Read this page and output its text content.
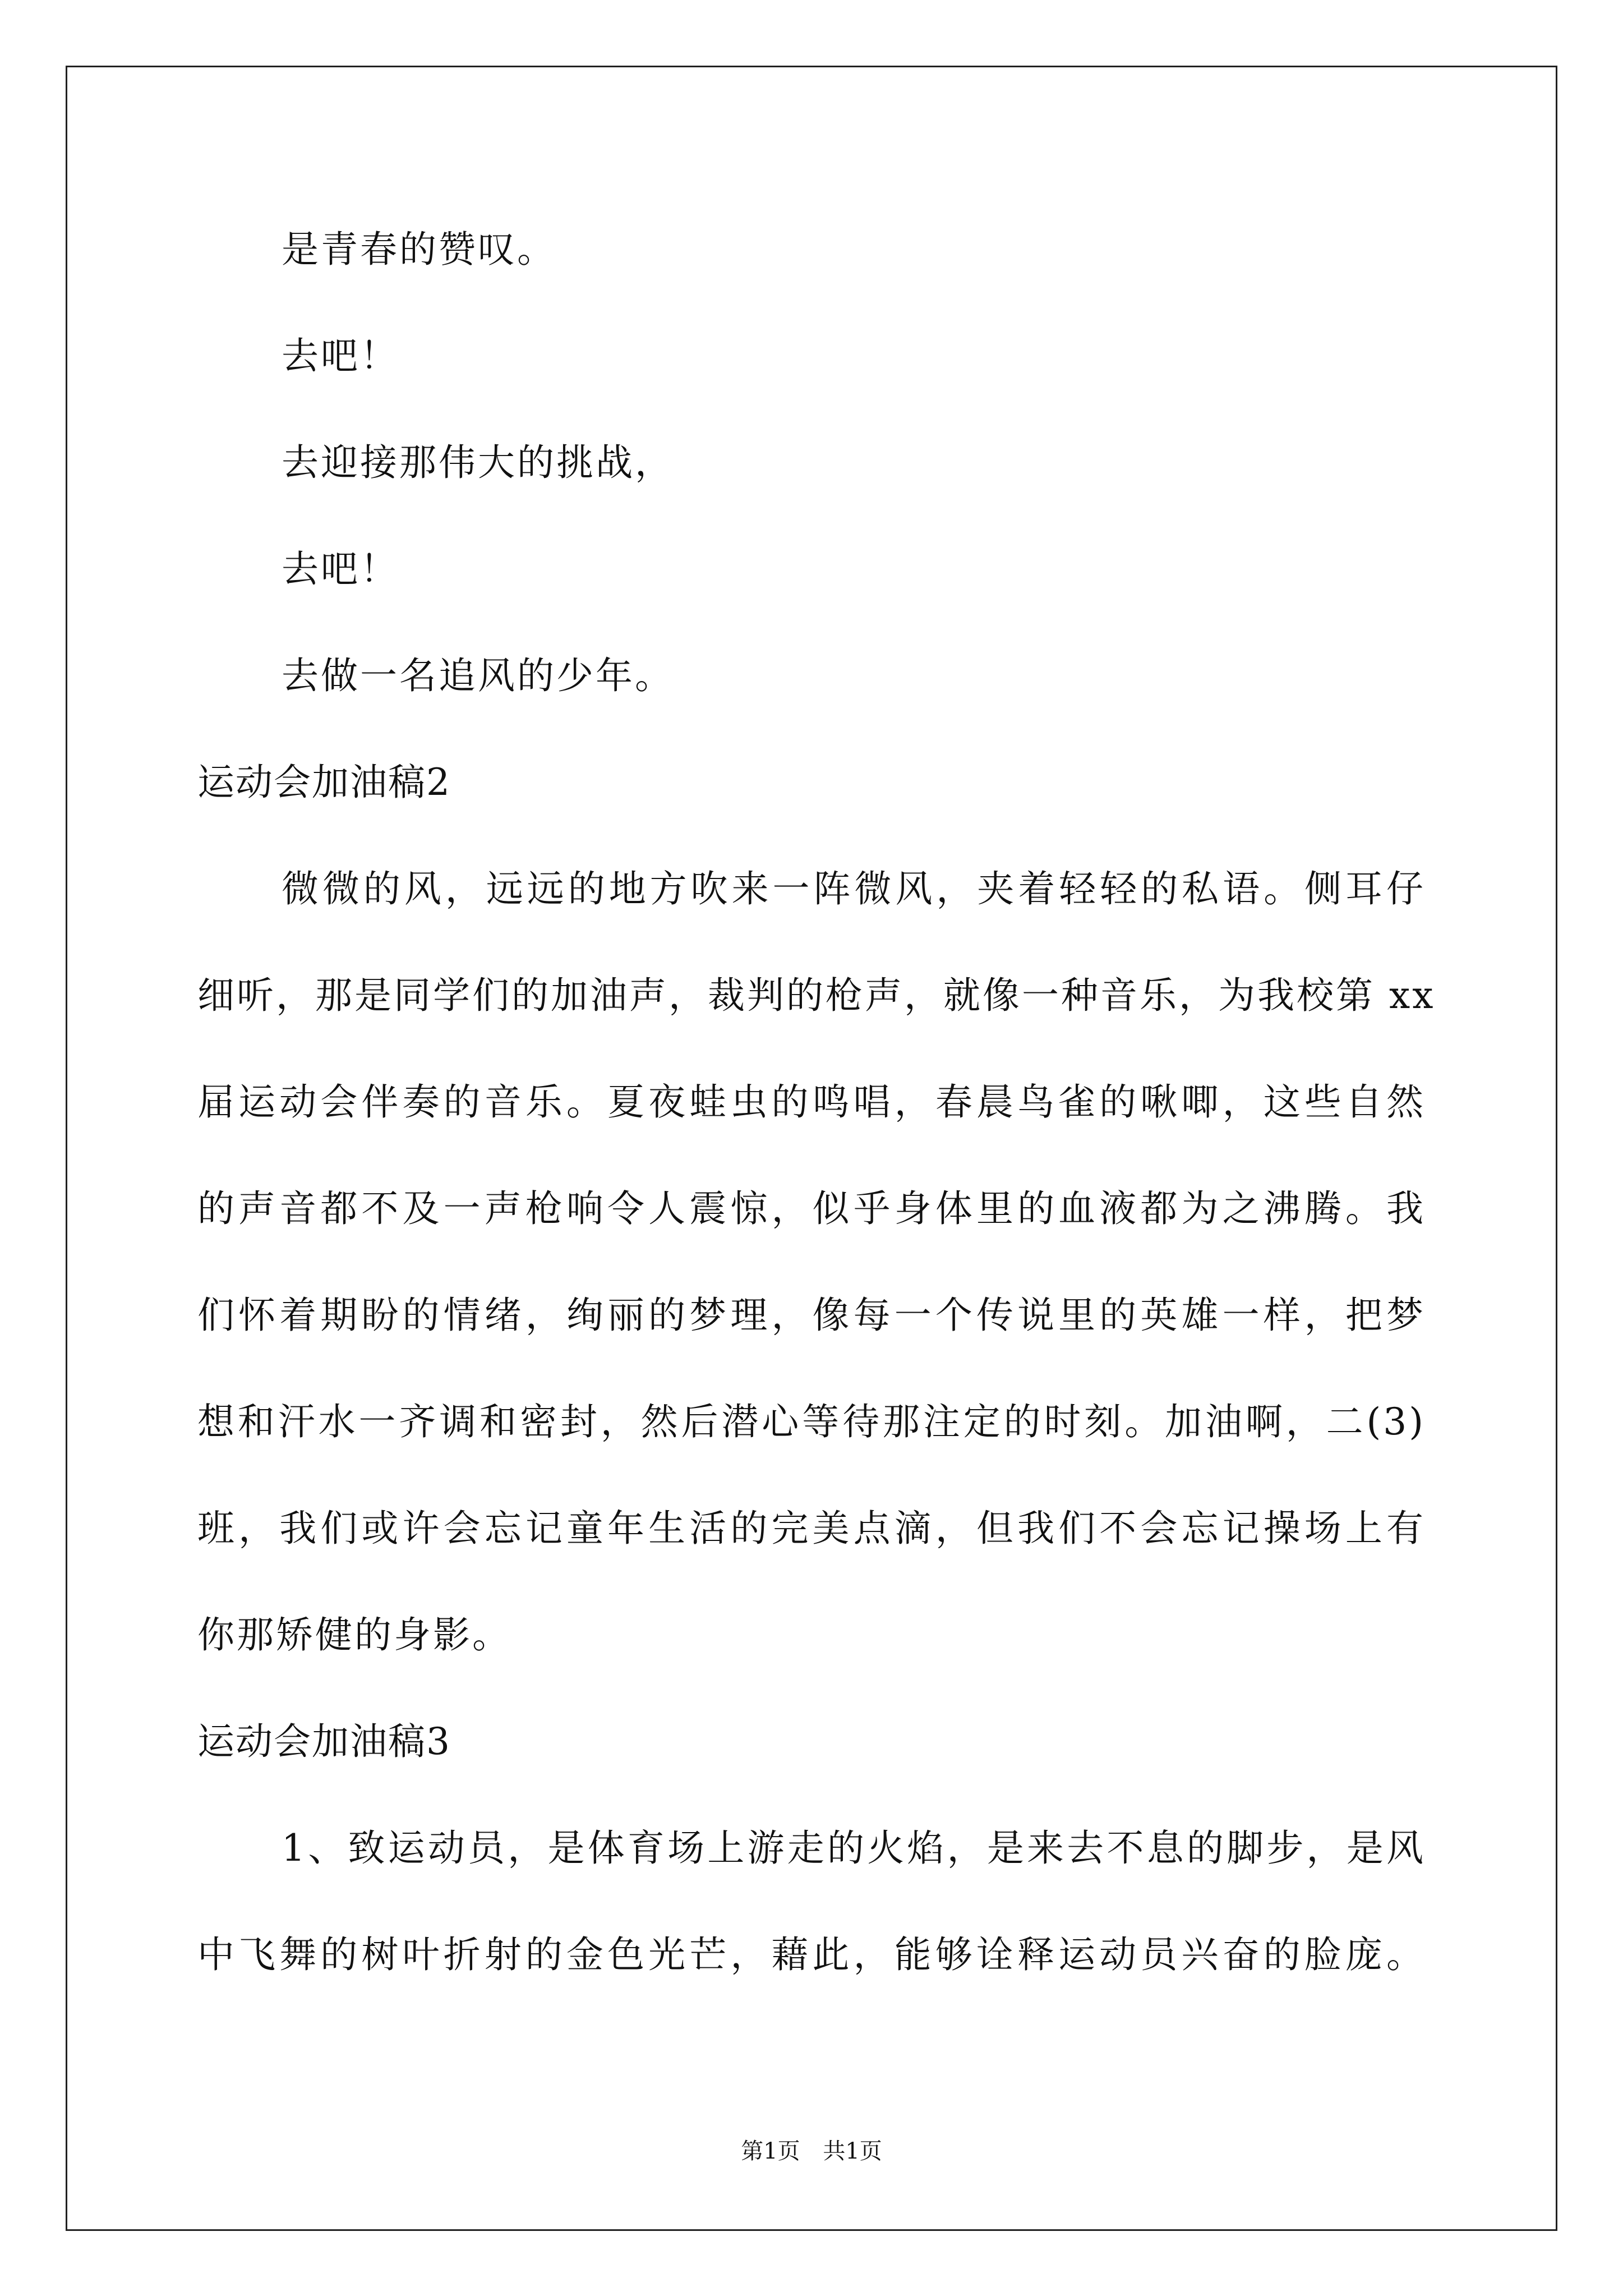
是青春的赞叹。
去吧！
去迎接那伟大的挑战，
去吧！
去做一名追风的少年。
运动会加油稿2
微微的风，远远的地方吹来一阵微风，夹着轻轻的私语。侧耳仔
细听，那是同学们的加油声，裁判的枪声，就像一种音乐，为我校第 xx
届运动会伴奏的音乐。夏夜蛙虫的鸣唱，春晨鸟雀的啾唧，这些自然
的声音都不及一声枪响令人震惊，似乎身体里的血液都为之沸腾。我
们怀着期盼的情绪，绚丽的梦理，像每一个传说里的英雄一样，把梦
想和汗水一齐调和密封，然后潜心等待那注定的时刻。加油啊，二(3)
班，我们或许会忘记童年生活的完美点滴，但我们不会忘记操场上有
你那矫健的身影。
运动会加油稿3
1、致运动员，是体育场上游走的火焰，是来去不息的脚步，是风
中飞舞的树叶折射的金色光芒，藉此，能够诠释运动员兴奋的脸庞。
第1页 共1页
